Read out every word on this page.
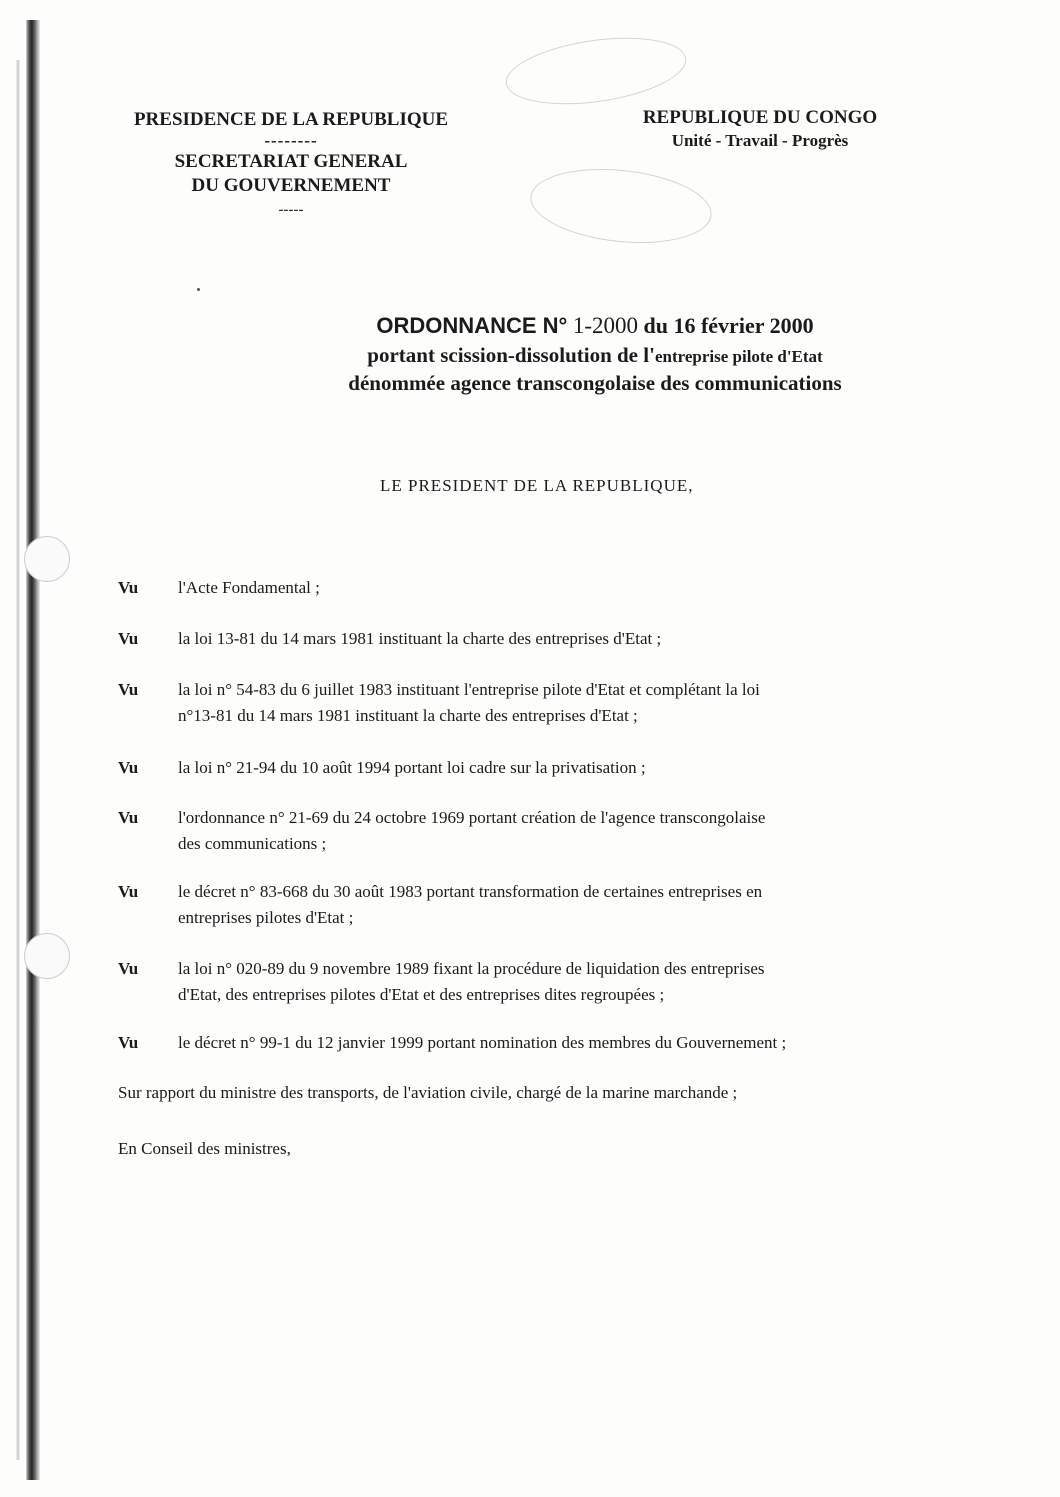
PRESIDENCE DE LA REPUBLIQUE
--------
SECRETARIAT GENERAL
DU GOUVERNEMENT
-----
REPUBLIQUE DU CONGO
Unité - Travail - Progrès
ORDONNANCE N° 1-2000 du 16 février 2000
portant scission-dissolution de l'entreprise pilote d'Etat
dénommée agence transcongolaise des communications
LE PRESIDENT DE LA REPUBLIQUE,
Vu	l'Acte Fondamental ;
Vu	la loi 13-81 du 14 mars 1981 instituant la charte des entreprises d'Etat ;
Vu	la loi n° 54-83 du 6 juillet 1983 instituant l'entreprise pilote d'Etat et complétant la loi
n°13-81 du 14 mars 1981 instituant la charte des entreprises d'Etat ;
Vu	la loi n° 21-94 du 10 août 1994 portant loi cadre sur la privatisation ;
Vu	l'ordonnance n° 21-69 du 24 octobre 1969 portant création de l'agence transcongolaise
des communications ;
Vu	le décret n° 83-668 du 30 août 1983 portant transformation de certaines entreprises en
entreprises pilotes d'Etat ;
Vu	la loi n° 020-89 du 9 novembre 1989 fixant la procédure de liquidation des entreprises
d'Etat, des entreprises pilotes d'Etat et des entreprises dites regroupées ;
Vu	le décret n° 99-1 du 12 janvier 1999 portant nomination des membres du Gouvernement ;
Sur rapport du ministre des transports, de l'aviation civile, chargé de la marine marchande ;
En Conseil des ministres,
